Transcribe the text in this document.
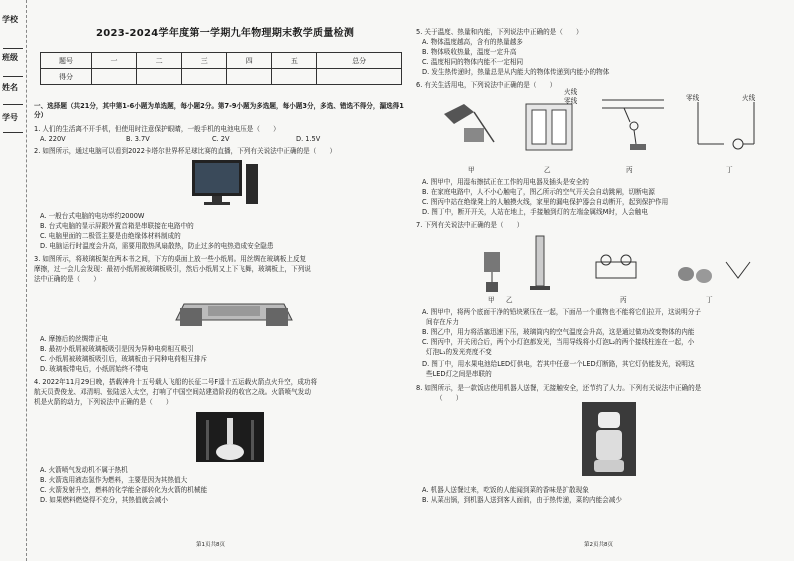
学校
班级
姓名
学号
2023-2024学年度第一学期九年物理期末教学质量检测
题号	一	二	三	四	五	总分
得分						
一、选择题（共21分，其中第1-6小题为单选题，每小题2分。第7-9小题为多选题，每小题3分，多选、错选不得分，漏选得1分）
1. 人们的生活离不开手机，但使用时注意保护眼睛，一般手机的电池电压是（　　）
A. 220V	B. 3.7V	C. 2V	D. 1.5V
2. 如图所示，通过电脑可以看到2022卡塔尔世界杯足球比赛的直播，下列有关说法中正确的是（　　）
A. 一般台式电脑的电功率约2000W
B. 台式电脑的显示屏跟外置音箱是串联接在电路中的
C. 电脑里面的二极管主要是由绝缘体材料制成的
D. 电脑运行时温度会升高，需要用散热风扇散热，防止过多的电热造成安全隐患
3. 如图所示，将玻璃板架在两本书之间，下方的桌面上放一些小纸屑。用丝绸在玻璃板上反复
摩擦，过一会儿会发现：最初小纸屑被玻璃板吸引，然后小纸屑又上下飞舞，玻璃板上，下列说
法中正确的是（　　）
A. 摩擦后的丝绸带正电
B. 最初小纸屑被玻璃板吸引是因为异种电荷相互吸引
C. 小纸屑被玻璃板吸引后，玻璃板由于同种电荷相互排斥
D. 玻璃板带电后，小纸屑始终不带电
4. 2022年11月29日晚，搭载神舟十五号载人飞船的长征二号F遥十五运载火箭点火升空，成功将
航天员费俊龙、邓清明、张陆送入太空，打响了中国空间站建造阶段的收官之战。火箭喷气发动
机是火箭的动力，下列说法中正确的是（　　）
A. 火箭喷气发动机不属于热机
B. 火箭选用液态氢作为燃料，主要是因为其热值大
C. 火箭发射升空，燃料的化学能全部转化为火箭的机械能
D. 如果燃料燃烧得不充分，其热值就会减小
第1页共8页
5. 关于温度、热量和内能，下列说法中正确的是（　　）
A. 物体温度越高，含有的热量越多
B. 物体吸收热量，温度一定升高
C. 温度相同的物体内能不一定相同
D. 发生热传递时，热量总是从内能大的物体传递到内能小的物体
6. 有关生活用电，下列说法中正确的是（　　）
甲	乙	丙	丁
火线
零线	零线	火线
A. 图甲中，用湿布擦拭正在工作的用电器及插头是安全的
B. 在家庭电路中，人不小心触电了，图乙所示的空气开关会自动跳闸，切断电源
C. 图丙中站在绝缘凳上的人触摸火线，家里的漏电保护器会自动断开，起到保护作用
D. 图丁中，断开开关，人站在地上，手接触到灯的左端金属线M时，人会触电
7. 下列有关说法中正确的是（　　）
乙	丙	丁
甲
A. 图甲中，将两个底面干净的铅块紧压在一起，下面吊一个重物也不能将它们拉开，这说明分子
间存在斥力
B. 图乙中，用力将活塞迅速下压，玻璃筒内的空气温度会升高，这是通过做功改变物体的内能
C. 图丙中，开关闭合后，两个小灯泡都发光，当用导线将小灯泡L₂的两个接线柱连在一起，小
灯泡L₁的发光亮度不变
D. 图丁中，用水果电池给LED灯供电，若其中任意一个LED灯断路，其它灯仍能发光，说明这
些LED灯之间是串联的
8. 如图所示，是一款饭店使用机器人送餐，无接触安全，还节约了人力。下列有关说法中正确的是
（　　）
A. 机器人送餐过来，吃饭的人能闻到菜的香味是扩散现象
B. 从菜出锅，到机器人送到客人面前，由于热传递，菜的内能会减少
第2页共8页
